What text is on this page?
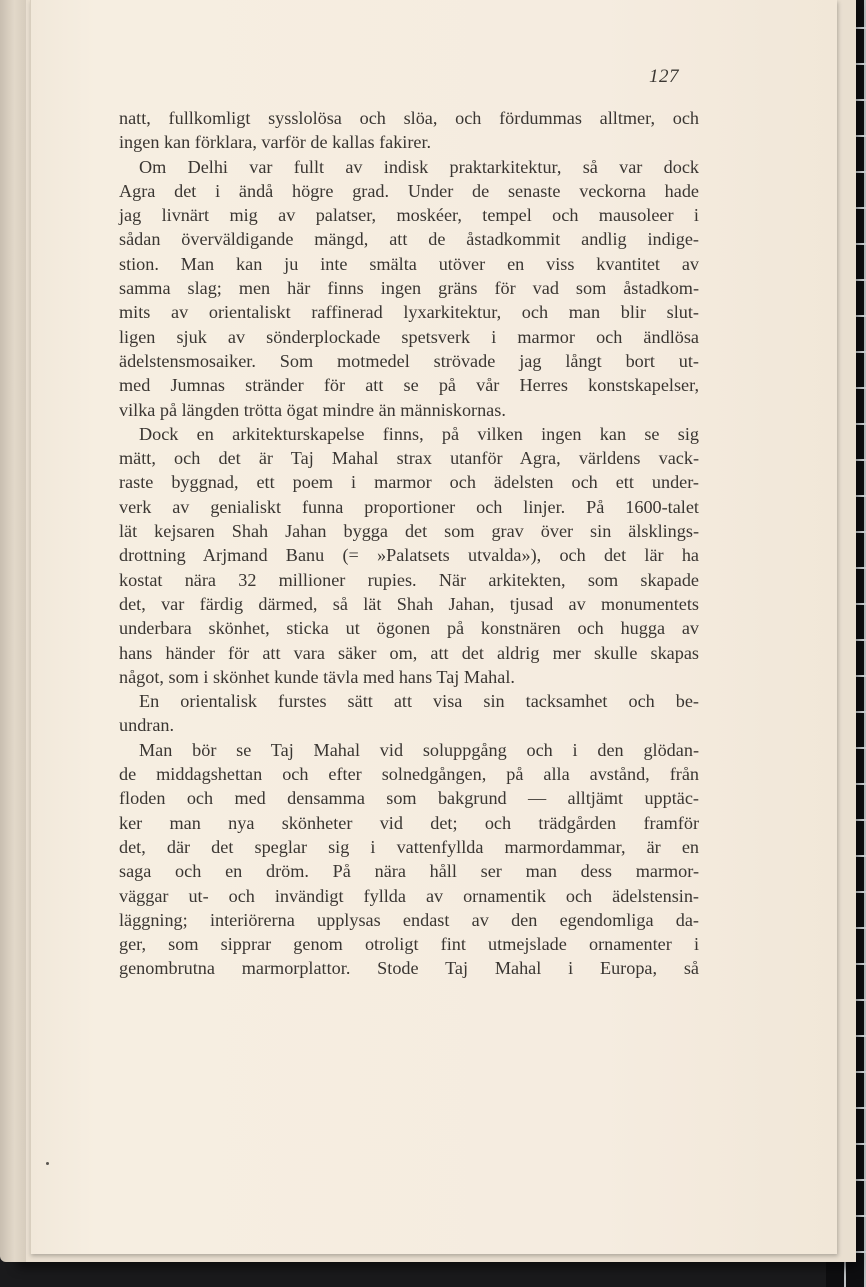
127
natt, fullkomligt sysslolösa och slöa, och fördummas alltmer, och
ingen kan förklara, varför de kallas fakirer.
Om Delhi var fullt av indisk praktarkitektur, så var dock
Agra det i ändå högre grad. Under de senaste veckorna hade
jag livnärt mig av palatser, moskéer, tempel och mausoleer i
sådan överväldigande mängd, att de åstadkommit andlig indige-
stion. Man kan ju inte smälta utöver en viss kvantitet av
samma slag; men här finns ingen gräns för vad som åstadkom-
mits av orientaliskt raffinerad lyxarkitektur, och man blir slut-
ligen sjuk av sönderplockade spetsverk i marmor och ändlösa
ädelstensmosaiker. Som motmedel strövade jag långt bort ut-
med Jumnas stränder för att se på vår Herres konstskapelser,
vilka på längden trötta ögat mindre än människornas.
Dock en arkitekturskapelse finns, på vilken ingen kan se sig
mätt, och det är Taj Mahal strax utanför Agra, världens vack-
raste byggnad, ett poem i marmor och ädelsten och ett under-
verk av genialiskt funna proportioner och linjer. På 1600-talet
lät kejsaren Shah Jahan bygga det som grav över sin älsklings-
drottning Arjmand Banu (= »Palatsets utvalda»), och det lär ha
kostat nära 32 millioner rupies. När arkitekten, som skapade
det, var färdig därmed, så lät Shah Jahan, tjusad av monumentets
underbara skönhet, sticka ut ögonen på konstnären och hugga av
hans händer för att vara säker om, att det aldrig mer skulle skapas
något, som i skönhet kunde tävla med hans Taj Mahal.
En orientalisk furstes sätt att visa sin tacksamhet och be-
undran.
Man bör se Taj Mahal vid soluppgång och i den glödan-
de middagshettan och efter solnedgången, på alla avstånd, från
floden och med densamma som bakgrund — alltjämt upptäc-
ker man nya skönheter vid det; och trädgården framför
det, där det speglar sig i vattenfyllda marmordammar, är en
saga och en dröm. På nära håll ser man dess marmor-
väggar ut- och invändigt fyllda av ornamentik och ädelstensin-
läggning; interiörerna upplysas endast av den egendomliga da-
ger, som sipprar genom otroligt fint utmejslade ornamenter i
genombrutna marmorplattor. Stode Taj Mahal i Europa, så
